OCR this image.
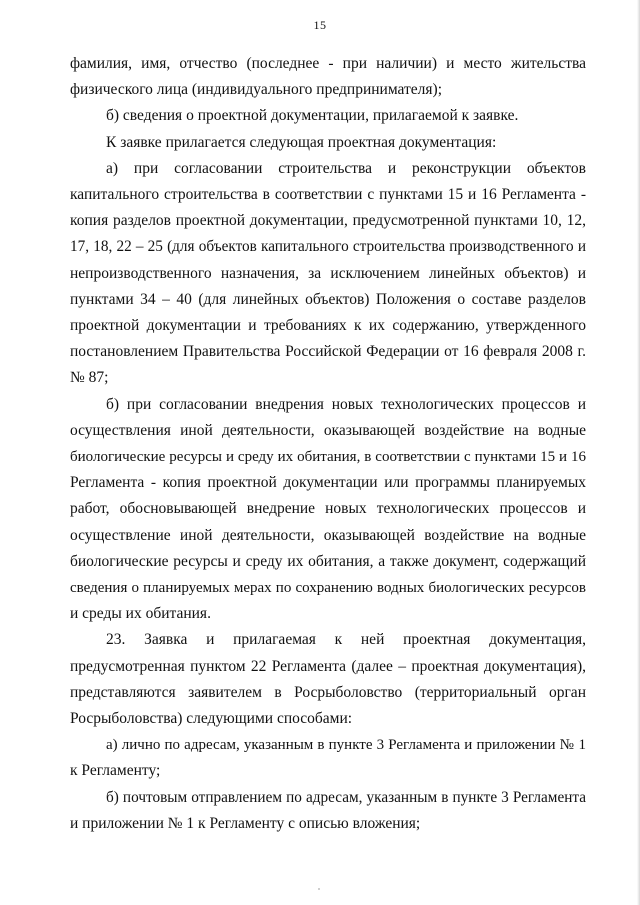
15
фамилия, имя, отчество (последнее - при наличии) и место жительства
физического лица (индивидуального предпринимателя);
б) сведения о проектной документации, прилагаемой к заявке.
К заявке прилагается следующая проектная документация:
а) при согласовании строительства и реконструкции объектов
капитального строительства в соответствии с пунктами 15 и 16 Регламента -
копия разделов проектной документации, предусмотренной пунктами 10, 12,
17, 18, 22 – 25 (для объектов капитального строительства производственного и
непроизводственного назначения, за исключением линейных объектов) и
пунктами 34 – 40 (для линейных объектов) Положения о составе разделов
проектной документации и требованиях к их содержанию, утвержденного
постановлением Правительства Российской Федерации от 16 февраля 2008 г.
№ 87;
б) при согласовании внедрения новых технологических процессов и
осуществления иной деятельности, оказывающей воздействие на водные
биологические ресурсы и среду их обитания, в соответствии с пунктами 15 и 16
Регламента - копия проектной документации или программы планируемых
работ, обосновывающей внедрение новых технологических процессов и
осуществление иной деятельности, оказывающей воздействие на водные
биологические ресурсы и среду их обитания, а также документ, содержащий
сведения о планируемых мерах по сохранению водных биологических ресурсов
и среды их обитания.
23. Заявка и прилагаемая к ней проектная документация,
предусмотренная пунктом 22 Регламента (далее – проектная документация),
представляются заявителем в Росрыболовство (территориальный орган
Росрыболовства) следующими способами:
а) лично по адресам, указанным в пункте 3 Регламента и приложении № 1
к Регламенту;
б) почтовым отправлением по адресам, указанным в пункте 3 Регламента
и приложении № 1 к Регламенту с описью вложения;
